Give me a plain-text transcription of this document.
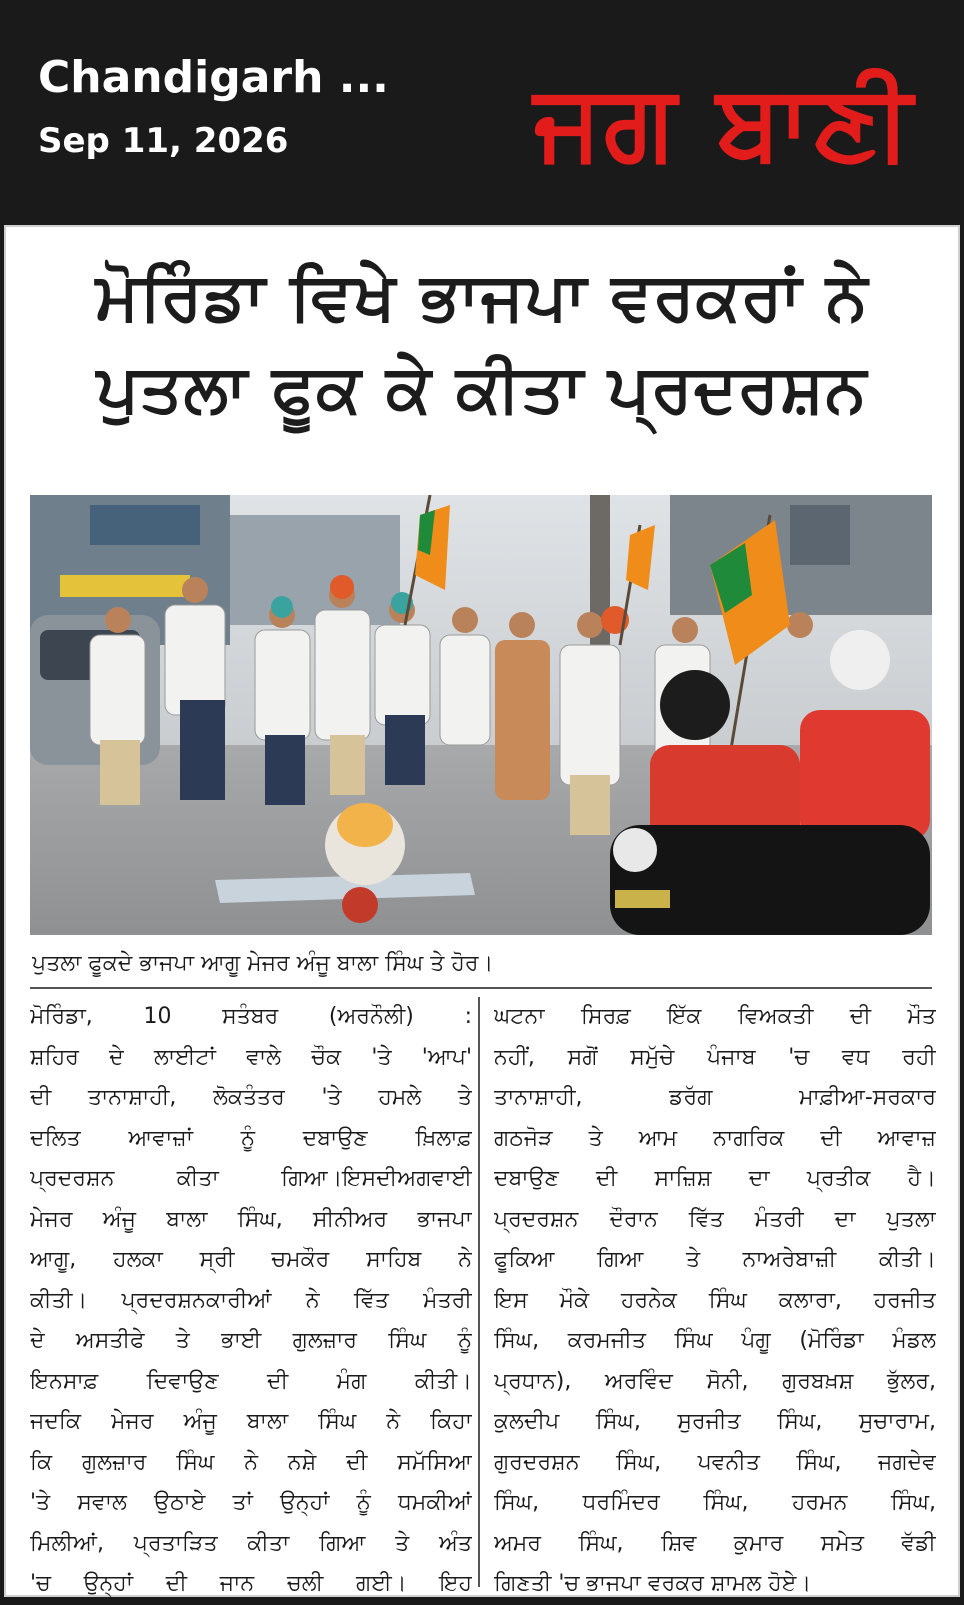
Chandigarh ...
Sep 11, 2026	ਜਗ ਬਾਣੀ
ਮੋਰਿੰਡਾ ਵਿਖੇ ਭਾਜਪਾ ਵਰਕਰਾਂ ਨੇ
ਪੁਤਲਾ ਫੂਕ ਕੇ ਕੀਤਾ ਪ੍ਰਦਰਸ਼ਨ
ਪੁਤਲਾ ਫੂਕਦੇ ਭਾਜਪਾ ਆਗੂ ਮੇਜਰ ਅੰਜੂ ਬਾਲਾ ਸਿੰਘ ਤੇ ਹੋਰ।
ਮੋਰਿੰਡਾ, 10 ਸਤੰਬਰ (ਅਰਨੌਲੀ) :
ਸ਼ਹਿਰ ਦੇ ਲਾਈਟਾਂ ਵਾਲੇ ਚੌਕ 'ਤੇ 'ਆਪ'
ਦੀ ਤਾਨਾਸ਼ਾਹੀ, ਲੋਕਤੰਤਰ 'ਤੇ ਹਮਲੇ ਤੇ
ਦਲਿਤ ਆਵਾਜ਼ਾਂ ਨੂੰ ਦਬਾਉਣ ਖ਼ਿਲਾਫ਼
ਪ੍ਰਦਰਸ਼ਨ ਕੀਤਾ ਗਿਆ।ਇਸਦੀਅਗਵਾਈ
ਮੇਜਰ ਅੰਜੂ ਬਾਲਾ ਸਿੰਘ, ਸੀਨੀਅਰ ਭਾਜਪਾ
ਆਗੂ, ਹਲਕਾ ਸ੍ਰੀ ਚਮਕੌਰ ਸਾਹਿਬ ਨੇ
ਕੀਤੀ। ਪ੍ਰਦਰਸ਼ਨਕਾਰੀਆਂ ਨੇ ਵਿੱਤ ਮੰਤਰੀ
ਦੇ ਅਸਤੀਫੇ ਤੇ ਭਾਈ ਗੁਲਜ਼ਾਰ ਸਿੰਘ ਨੂੰ
ਇਨਸਾਫ਼ ਦਿਵਾਉਣ ਦੀ ਮੰਗ ਕੀਤੀ।
ਜਦਕਿ ਮੇਜਰ ਅੰਜੂ ਬਾਲਾ ਸਿੰਘ ਨੇ ਕਿਹਾ
ਕਿ ਗੁਲਜ਼ਾਰ ਸਿੰਘ ਨੇ ਨਸ਼ੇ ਦੀ ਸਮੱਸਿਆ
'ਤੇ ਸਵਾਲ ਉਠਾਏ ਤਾਂ ਉਨ੍ਹਾਂ ਨੂੰ ਧਮਕੀਆਂ
ਮਿਲੀਆਂ, ਪ੍ਰਤਾੜਿਤ ਕੀਤਾ ਗਿਆ ਤੇ ਅੰਤ
'ਚ ਉਨ੍ਹਾਂ ਦੀ ਜਾਨ ਚਲੀ ਗਈ। ਇਹ
ਘਟਨਾ ਸਿਰਫ਼ ਇੱਕ ਵਿਅਕਤੀ ਦੀ ਮੌਤ
ਨਹੀਂ, ਸਗੋਂ ਸਮੁੱਚੇ ਪੰਜਾਬ 'ਚ ਵਧ ਰਹੀ
ਤਾਨਾਸ਼ਾਹੀ, ਡਰੱਗ ਮਾਫ਼ੀਆ-ਸਰਕਾਰ
ਗਠਜੋੜ ਤੇ ਆਮ ਨਾਗਰਿਕ ਦੀ ਆਵਾਜ਼
ਦਬਾਉਣ ਦੀ ਸਾਜ਼ਿਸ਼ ਦਾ ਪ੍ਰਤੀਕ ਹੈ।
ਪ੍ਰਦਰਸ਼ਨ ਦੌਰਾਨ ਵਿੱਤ ਮੰਤਰੀ ਦਾ ਪੁਤਲਾ
ਫੂਕਿਆ ਗਿਆ ਤੇ ਨਾਅਰੇਬਾਜ਼ੀ ਕੀਤੀ।
ਇਸ ਮੌਕੇ ਹਰਨੇਕ ਸਿੰਘ ਕਲਾਰਾ, ਹਰਜੀਤ
ਸਿੰਘ, ਕਰਮਜੀਤ ਸਿੰਘ ਪੰਗੂ (ਮੋਰਿੰਡਾ ਮੰਡਲ
ਪ੍ਰਧਾਨ), ਅਰਵਿੰਦ ਸੋਨੀ, ਗੁਰਬਖ਼ਸ਼ ਭੁੱਲਰ,
ਕੁਲਦੀਪ ਸਿੰਘ, ਸੁਰਜੀਤ ਸਿੰਘ, ਸੁਚਾਰਾਮ,
ਗੁਰਦਰਸ਼ਨ ਸਿੰਘ, ਪਵਨੀਤ ਸਿੰਘ, ਜਗਦੇਵ
ਸਿੰਘ, ਧਰਮਿੰਦਰ ਸਿੰਘ, ਹਰਮਨ ਸਿੰਘ,
ਅਮਰ ਸਿੰਘ, ਸ਼ਿਵ ਕੁਮਾਰ ਸਮੇਤ ਵੱਡੀ
ਗਿਣਤੀ 'ਚ ਭਾਜਪਾ ਵਰਕਰ ਸ਼ਾਮਲ ਹੋਏ।
